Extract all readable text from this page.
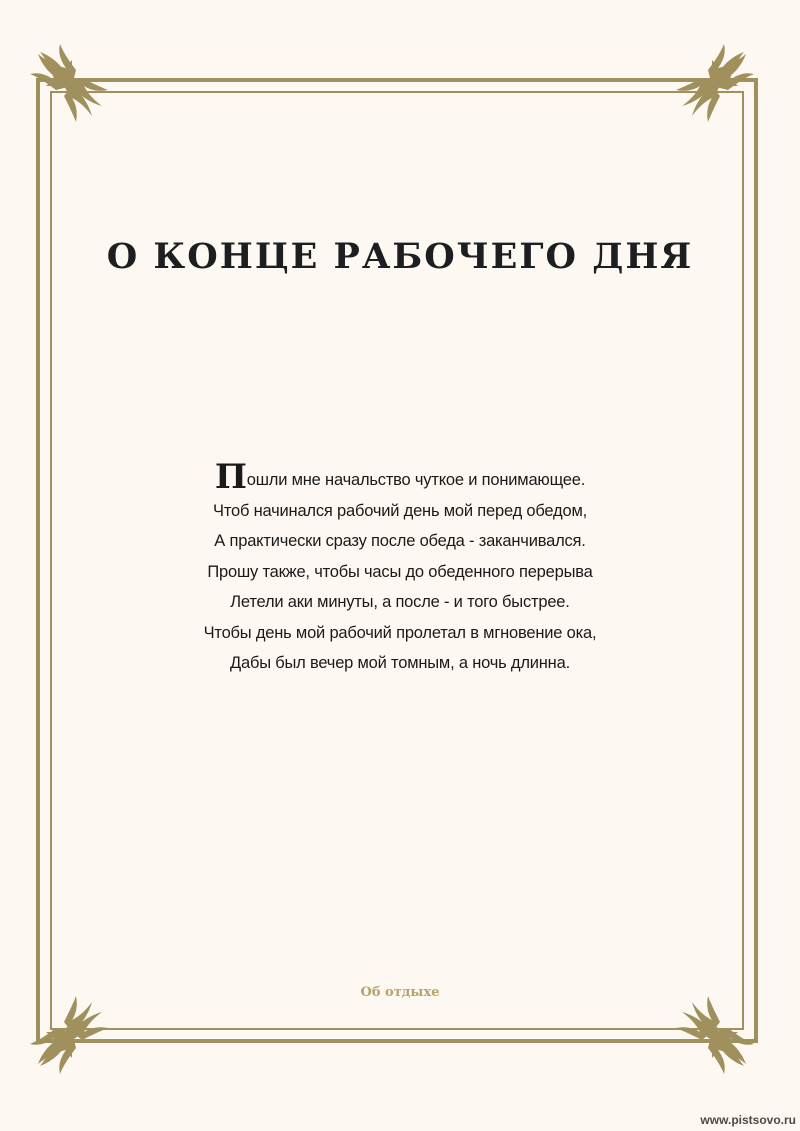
О КОНЦЕ РАБОЧЕГО ДНЯ
Пошли мне начальство чуткое и понимающее.
Чтоб начинался рабочий день мой перед обедом,
А практически сразу после обеда - заканчивался.
Прошу также, чтобы часы до обеденного перерыва
Летели аки минуты, а после - и того быстрее.
Чтобы день мой рабочий пролетал в мгновение ока,
Дабы был вечер мой томным, а ночь длинна.
Об отдыхе
www.pistsovo.ru
